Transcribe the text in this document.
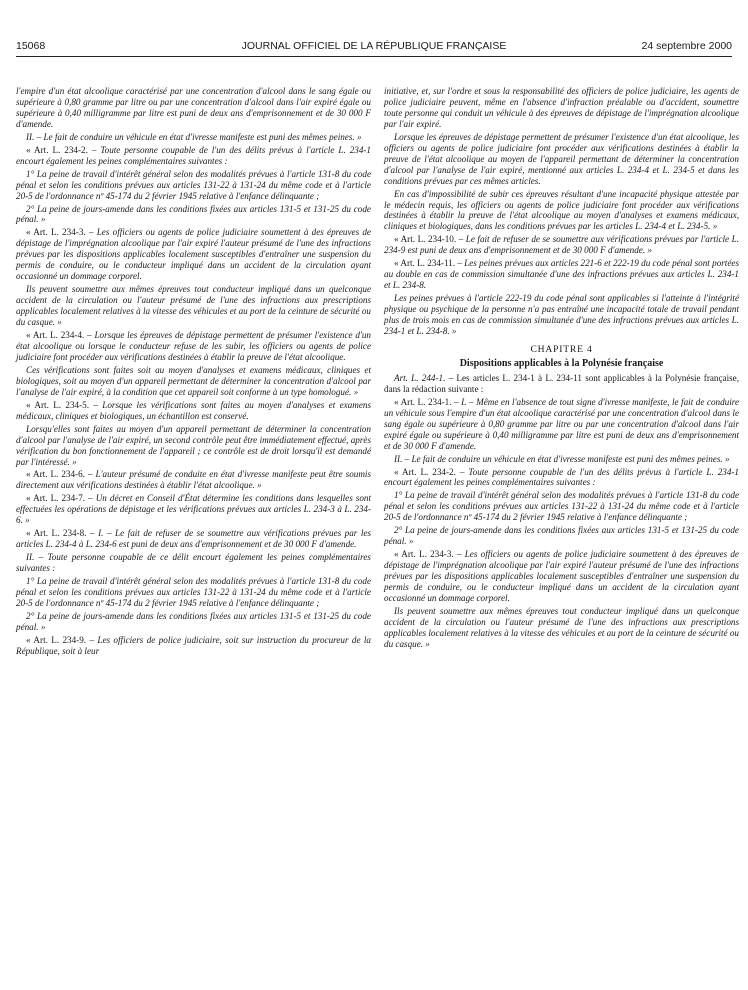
15068	JOURNAL OFFICIEL DE LA RÉPUBLIQUE FRANÇAISE	24 septembre 2000

l'empire d'un état alcoolique caractérisé par une concentration d'alcool dans le sang égale ou supérieure à 0,80 gramme par litre ou par une concentration d'alcool dans l'air expiré égale ou supérieure à 0,40 milligramme par litre est puni de deux ans d'emprisonnement et de 30 000 F d'amende.

II. – Le fait de conduire un véhicule en état d'ivresse manifeste est puni des mêmes peines. »

« Art. L. 234-2. – Toute personne coupable de l'un des délits prévus à l'article L. 234-1 encourt également les peines complémentaires suivantes :

1° La peine de travail d'intérêt général selon des modalités prévues à l'article 131-8 du code pénal et selon les conditions prévues aux articles 131-22 à 131-24 du même code et à l'article 20-5 de l'ordonnance nº 45-174 du 2 février 1945 relative à l'enfance délinquante ;

2° La peine de jours-amende dans les conditions fixées aux articles 131-5 et 131-25 du code pénal. »

« Art. L. 234-3. – Les officiers ou agents de police judiciaire soumettent à des épreuves de dépistage de l'imprégnation alcoolique par l'air expiré l'auteur présumé de l'une des infractions prévues par les dispositions applicables localement susceptibles d'entraîner une suspension du permis de conduire, ou le conducteur impliqué dans un accident de la circulation ayant occasionné un dommage corporel.

Ils peuvent soumettre aux mêmes épreuves tout conducteur impliqué dans un quelconque accident de la circulation ou l'auteur présumé de l'une des infractions aux prescriptions applicables localement relatives à la vitesse des véhicules et au port de la ceinture de sécurité ou du casque. »

« Art. L. 234-4. – Lorsque les épreuves de dépistage permettent de présumer l'existence d'un état alcoolique ou lorsque le conducteur refuse de les subir, les officiers ou agents de police judiciaire font procéder aux vérifications destinées à établir la preuve de l'état alcoolique.

Ces vérifications sont faites soit au moyen d'analyses et examens médicaux, cliniques et biologiques, soit au moyen d'un appareil permettant de déterminer la concentration d'alcool par l'analyse de l'air expiré, à la condition que cet appareil soit conforme à un type homologué. »

« Art. L. 234-5. – Lorsque les vérifications sont faites au moyen d'analyses et examens médicaux, cliniques et biologiques, un échantillon est conservé.

Lorsqu'elles sont faites au moyen d'un appareil permettant de déterminer la concentration d'alcool par l'analyse de l'air expiré, un second contrôle peut être immédiatement effectué, après vérification du bon fonctionnement de l'appareil ; ce contrôle est de droit lorsqu'il est demandé par l'intéressé. »

« Art. L. 234-6. – L'auteur présumé de conduite en état d'ivresse manifeste peut être soumis directement aux vérifications destinées à établir l'état alcoolique. »

« Art. L. 234-7. – Un décret en Conseil d'État détermine les conditions dans lesquelles sont effectuées les opérations de dépistage et les vérifications prévues aux articles L. 234-3 à L. 234-6. »

« Art. L. 234-8. – I. – Le fait de refuser de se soumettre aux vérifications prévues par les articles L. 234-4 à L. 234-6 est puni de deux ans d'emprisonnement et de 30 000 F d'amende.

II. – Toute personne coupable de ce délit encourt également les peines complémentaires suivantes :

1° La peine de travail d'intérêt général selon des modalités prévues à l'article 131-8 du code pénal et selon les conditions prévues aux articles 131-22 à 131-24 du même code et à l'article 20-5 de l'ordonnance nº 45-174 du 2 février 1945 relative à l'enfance délinquante ;

2° La peine de jours-amende dans les conditions fixées aux articles 131-5 et 131-25 du code pénal. »

« Art. L. 234-9. – Les officiers de police judiciaire, soit sur instruction du procureur de la République, soit à leur

initiative, et, sur l'ordre et sous la responsabilité des officiers de police judiciaire, les agents de police judiciaire peuvent, même en l'absence d'infraction préalable ou d'accident, soumettre toute personne qui conduit un véhicule à des épreuves de dépistage de l'imprégnation alcoolique par l'air expiré.

Lorsque les épreuves de dépistage permettent de présumer l'existence d'un état alcoolique, les officiers ou agents de police judiciaire font procéder aux vérifications destinées à établir la preuve de l'état alcoolique au moyen de l'appareil permettant de déterminer la concentration d'alcool par l'analyse de l'air expiré, mentionné aux articles L. 234-4 et L. 234-5 et dans les conditions prévues par ces mêmes articles.

En cas d'impossibilité de subir ces épreuves résultant d'une incapacité physique attestée par le médecin requis, les officiers ou agents de police judiciaire font procéder aux vérifications destinées à établir la preuve de l'état alcoolique au moyen d'analyses et examens médicaux, cliniques et biologiques, dans les conditions prévues par les articles L. 234-4 et L. 234-5. »

« Art. L. 234-10. – Le fait de refuser de se soumettre aux vérifications prévues par l'article L. 234-9 est puni de deux ans d'emprisonnement et de 30 000 F d'amende. »

« Art. L. 234-11. – Les peines prévues aux articles 221-6 et 222-19 du code pénal sont portées au double en cas de commission simultanée d'une des infractions prévues aux articles L. 234-1 et L. 234-8.

Les peines prévues à l'article 222-19 du code pénal sont applicables si l'atteinte à l'intégrité physique ou psychique de la personne n'a pas entraîné une incapacité totale de travail pendant plus de trois mois en cas de commission simultanée d'une des infractions prévues aux articles L. 234-1 et L. 234-8. »

CHAPITRE 4
Dispositions applicables à la Polynésie française

Art. L. 244-1. – Les articles L. 234-1 à L. 234-11 sont applicables à la Polynésie française, dans la rédaction suivante :

« Art. L. 234-1. – I. – Même en l'absence de tout signe d'ivresse manifeste, le fait de conduire un véhicule sous l'empire d'un état alcoolique caractérisé par une concentration d'alcool dans le sang égale ou supérieure à 0,80 gramme par litre ou par une concentration d'alcool dans l'air expiré égale ou supérieure à 0,40 milligramme par litre est puni de deux ans d'emprisonnement et de 30 000 F d'amende.

II. – Le fait de conduire un véhicule en état d'ivresse manifeste est puni des mêmes peines. »

« Art. L. 234-2. – Toute personne coupable de l'un des délits prévus à l'article L. 234-1 encourt également les peines complémentaires suivantes :

1° La peine de travail d'intérêt général selon des modalités prévues à l'article 131-8 du code pénal et selon les conditions prévues aux articles 131-22 à 131-24 du même code et à l'article 20-5 de l'ordonnance nº 45-174 du 2 février 1945 relative à l'enfance délinquante ;

2° La peine de jours-amende dans les conditions fixées aux articles 131-5 et 131-25 du code pénal. »

« Art. L. 234-3. – Les officiers ou agents de police judiciaire soumettent à des épreuves de dépistage de l'imprégnation alcoolique par l'air expiré l'auteur présumé de l'une des infractions prévues par les dispositions applicables localement susceptibles d'entraîner une suspension du permis de conduire, ou le conducteur impliqué dans un accident de la circulation ayant occasionné un dommage corporel.

Ils peuvent soumettre aux mêmes épreuves tout conducteur impliqué dans un quelconque accident de la circulation ou l'auteur présumé de l'une des infractions aux prescriptions applicables localement relatives à la vitesse des véhicules et au port de la ceinture de sécurité ou du casque. »
